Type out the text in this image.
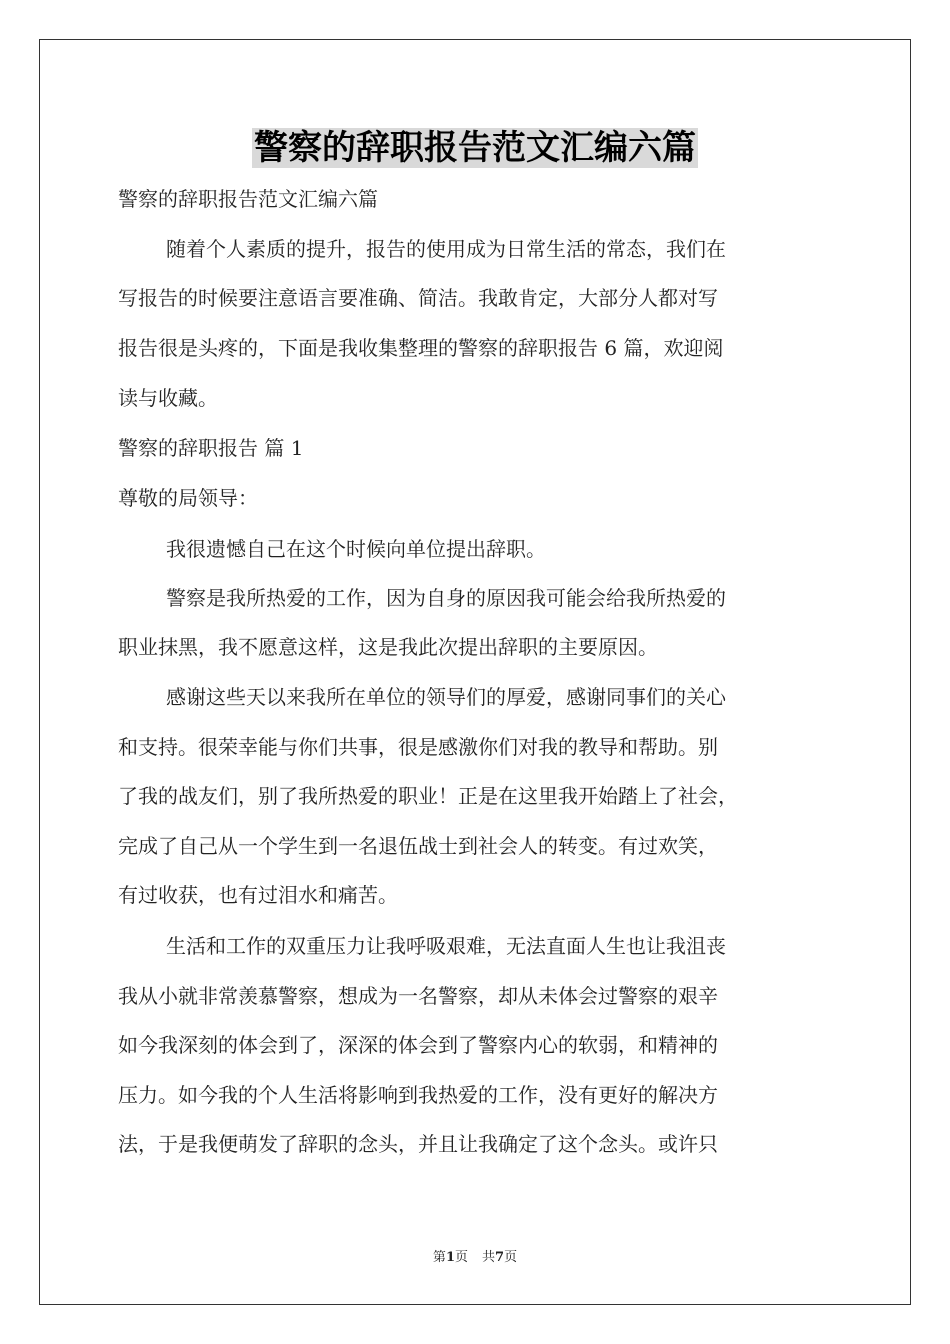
警察的辞职报告范文汇编六篇
警察的辞职报告范文汇编六篇
随着个人素质的提升，报告的使用成为日常生活的常态，我们在
写报告的时候要注意语言要准确、简洁。我敢肯定，大部分人都对写
报告很是头疼的，下面是我收集整理的警察的辞职报告 6 篇，欢迎阅
读与收藏。
警察的辞职报告 篇 1
尊敬的局领导：
我很遗憾自己在这个时候向单位提出辞职。
警察是我所热爱的工作，因为自身的原因我可能会给我所热爱的
职业抹黑，我不愿意这样，这是我此次提出辞职的主要原因。
感谢这些天以来我所在单位的领导们的厚爱，感谢同事们的关心
和支持。很荣幸能与你们共事，很是感激你们对我的教导和帮助。别
了我的战友们，别了我所热爱的职业！正是在这里我开始踏上了社会，
完成了自己从一个学生到一名退伍战士到社会人的转变。有过欢笑，
有过收获，也有过泪水和痛苦。
生活和工作的双重压力让我呼吸艰难，无法直面人生也让我沮丧
我从小就非常羡慕警察，想成为一名警察，却从未体会过警察的艰辛
如今我深刻的体会到了，深深的体会到了警察内心的软弱，和精神的
压力。如今我的个人生活将影响到我热爱的工作，没有更好的解决方
法，于是我便萌发了辞职的念头，并且让我确定了这个念头。或许只
第1页 共7页
